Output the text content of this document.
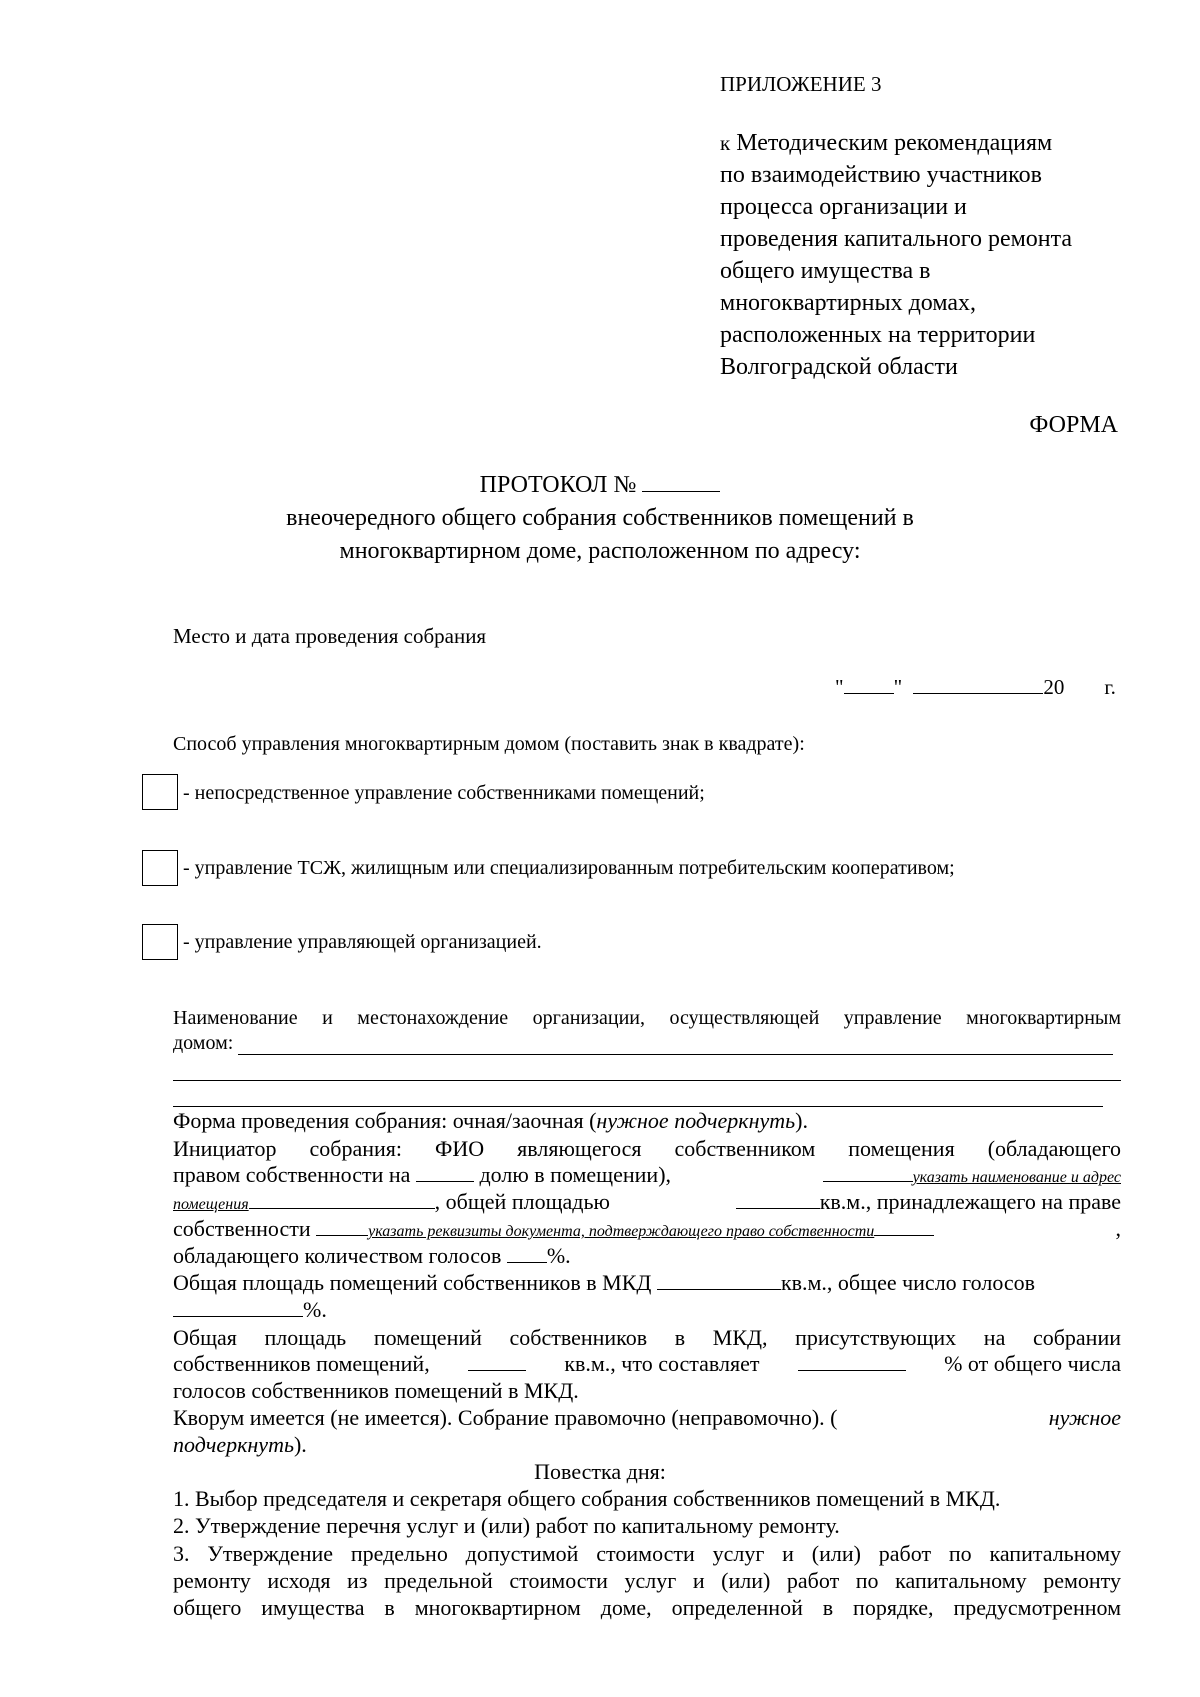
ПРИЛОЖЕНИЕ 3
к Методическим рекомендациям
по взаимодействию участников
процесса организации и
проведения капитального ремонта
общего имущества в
многоквартирных домах,
расположенных на территории
Волгоградской области
ФОРМА
ПРОТОКОЛ №
внеочередного общего собрания собственников помещений в
многоквартирном доме, расположенном по адресу:
Место и дата проведения собрания
" "	20 г.
Способ управления многоквартирным домом (поставить знак в квадрате):
- непосредственное управление собственниками помещений;
- управление ТСЖ, жилищным или специализированным потребительским кооперативом;
- управление управляющей организацией.
Наименование и местонахождение организации, осуществляющей управление многоквартирным
домом:
Форма проведения собрания: очная/заочная (нужное подчеркнуть).
Инициатор собрания: ФИО являющегося собственником помещения (обладающего
правом собственности на	долю в помещении),	указать наименование и адрес
помещения	, общей площадью	кв.м., принадлежащего на праве
собственности	указать реквизиты документа, подтверждающего право собственности	,
обладающего количеством голосов %.
Общая площадь помещений собственников в МКД	кв.м., общее число голосов
%.
Общая площадь помещений собственников в МКД, присутствующих на собрании
собственников помещений,	кв.м., что составляет	% от общего числа
голосов собственников помещений в МКД.
Кворум имеется (не имеется). Собрание правомочно (неправомочно). (	нужное
подчеркнуть).
Повестка дня:
1. Выбор председателя и секретаря общего собрания собственников помещений в МКД.
2. Утверждение перечня услуг и (или) работ по капитальному ремонту.
3. Утверждение предельно допустимой стоимости услуг и (или) работ по капитальному
ремонту исходя из предельной стоимости услуг и (или) работ по капитальному ремонту
общего имущества в многоквартирном доме, определенной в порядке, предусмотренном
